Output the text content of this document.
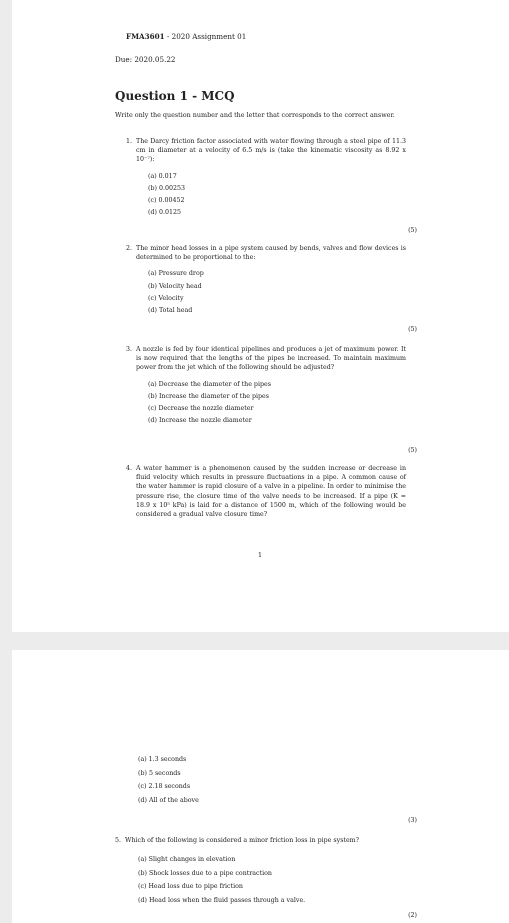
FMA3601 - 2020 Assignment 01
Due: 2020.05.22
Question 1 - MCQ
Write only the question number and the letter that corresponds to the correct answer.
1. The Darcy friction factor associated with water flowing through a steel pipe of 11.3 cm in diameter at a velocity of 6.5 m/s is (take the kinematic viscosity as 8.92 x 10⁻⁷):
(a) 0.017
(b) 0.00253
(c) 0.00452
(d) 0.0125
(5)
2. The minor head losses in a pipe system caused by bends, valves and flow devices is determined to be proportional to the:
(a) Pressure drop
(b) Velocity head
(c) Velocity
(d) Total head
(5)
3. A nozzle is fed by four identical pipelines and produces a jet of maximum power. It is now required that the lengths of the pipes be increased. To maintain maximum power from the jet which of the following should be adjusted?
(a) Decrease the diameter of the pipes
(b) Increase the diameter of the pipes
(c) Decrease the nozzle diameter
(d) Increase the nozzle diameter
(5)
4. A water hammer is a phenomenon caused by the sudden increase or decrease in fluid velocity which results in pressure fluctuations in a pipe. A common cause of the water hammer is rapid closure of a valve in a pipeline. In order to minimise the pressure rise, the closure time of the valve needs to be increased. If a pipe (K = 18.9 x 10⁵ kPa) is laid for a distance of 1500 m, which of the following would be considered a gradual valve closure time?
1
(a) 1.3 seconds
(b) 5 seconds
(c) 2.18 seconds
(d) All of the above
(3)
5. Which of the following is considered a minor friction loss in pipe system?
(a) Slight changes in elevation
(b) Shock losses due to a pipe contraction
(c) Head loss due to pipe friction
(d) Head loss when the fluid passes through a valve.
(2)
